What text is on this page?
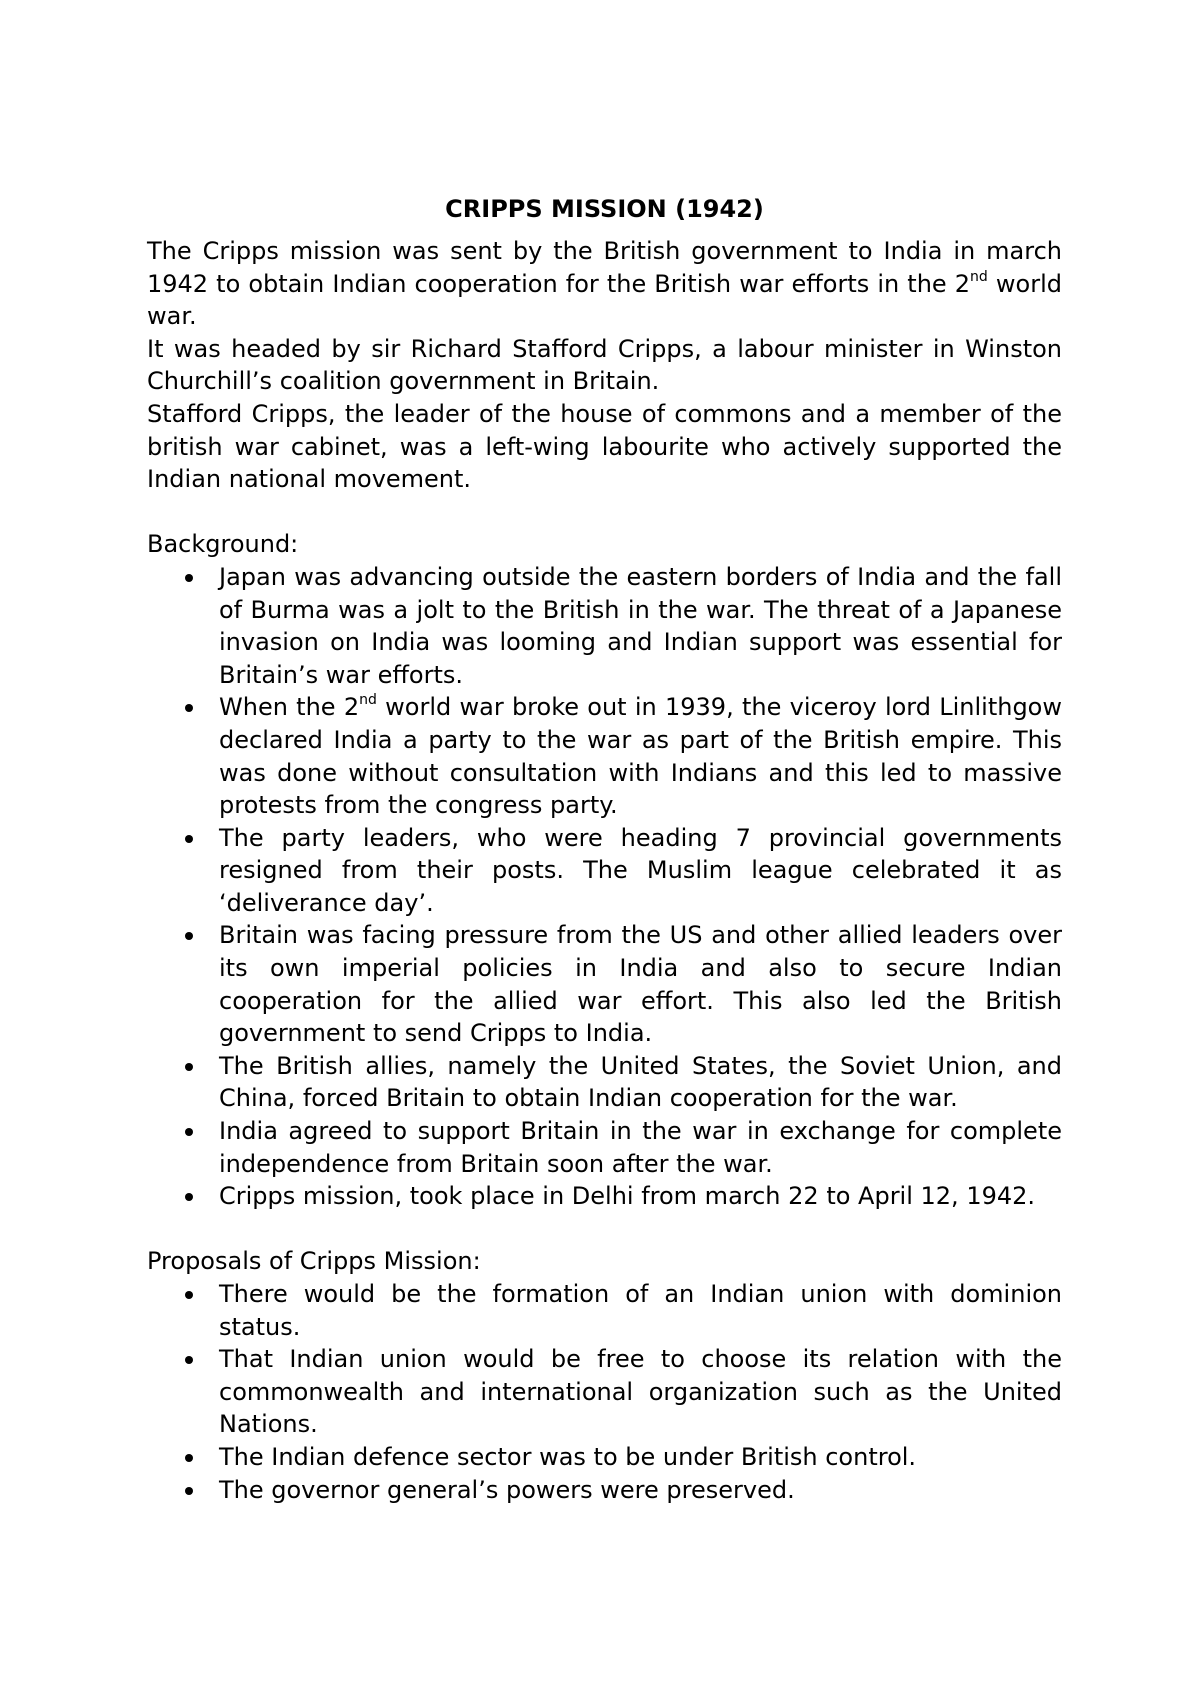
CRIPPS MISSION (1942)

The Cripps mission was sent by the British government to India in march 1942 to obtain Indian cooperation for the British war efforts in the 2nd world war.

It was headed by sir Richard Stafford Cripps, a labour minister in Winston Churchill’s coalition government in Britain.

Stafford Cripps, the leader of the house of commons and a member of the british war cabinet, was a left-wing labourite who actively supported the Indian national movement.

Background:

Japan was advancing outside the eastern borders of India and the fall of Burma was a jolt to the British in the war. The threat of a Japanese invasion on India was looming and Indian support was essential for Britain’s war efforts.
When the 2nd world war broke out in 1939, the viceroy lord Linlithgow declared India a party to the war as part of the British empire. This was done without consultation with Indians and this led to massive protests from the congress party.
The party leaders, who were heading 7 provincial governments resigned from their posts. The Muslim league celebrated it as ‘deliverance day’.
Britain was facing pressure from the US and other allied leaders over its own imperial policies in India and also to secure Indian cooperation for the allied war effort. This also led the British government to send Cripps to India.
The British allies, namely the United States, the Soviet Union, and China, forced Britain to obtain Indian cooperation for the war.
India agreed to support Britain in the war in exchange for complete independence from Britain soon after the war.
Cripps mission, took place in Delhi from march 22 to April 12, 1942.

Proposals of Cripps Mission:

There would be the formation of an Indian union with dominion status.
That Indian union would be free to choose its relation with the commonwealth and international organization such as the United Nations.
The Indian defence sector was to be under British control.
The governor general’s powers were preserved.
